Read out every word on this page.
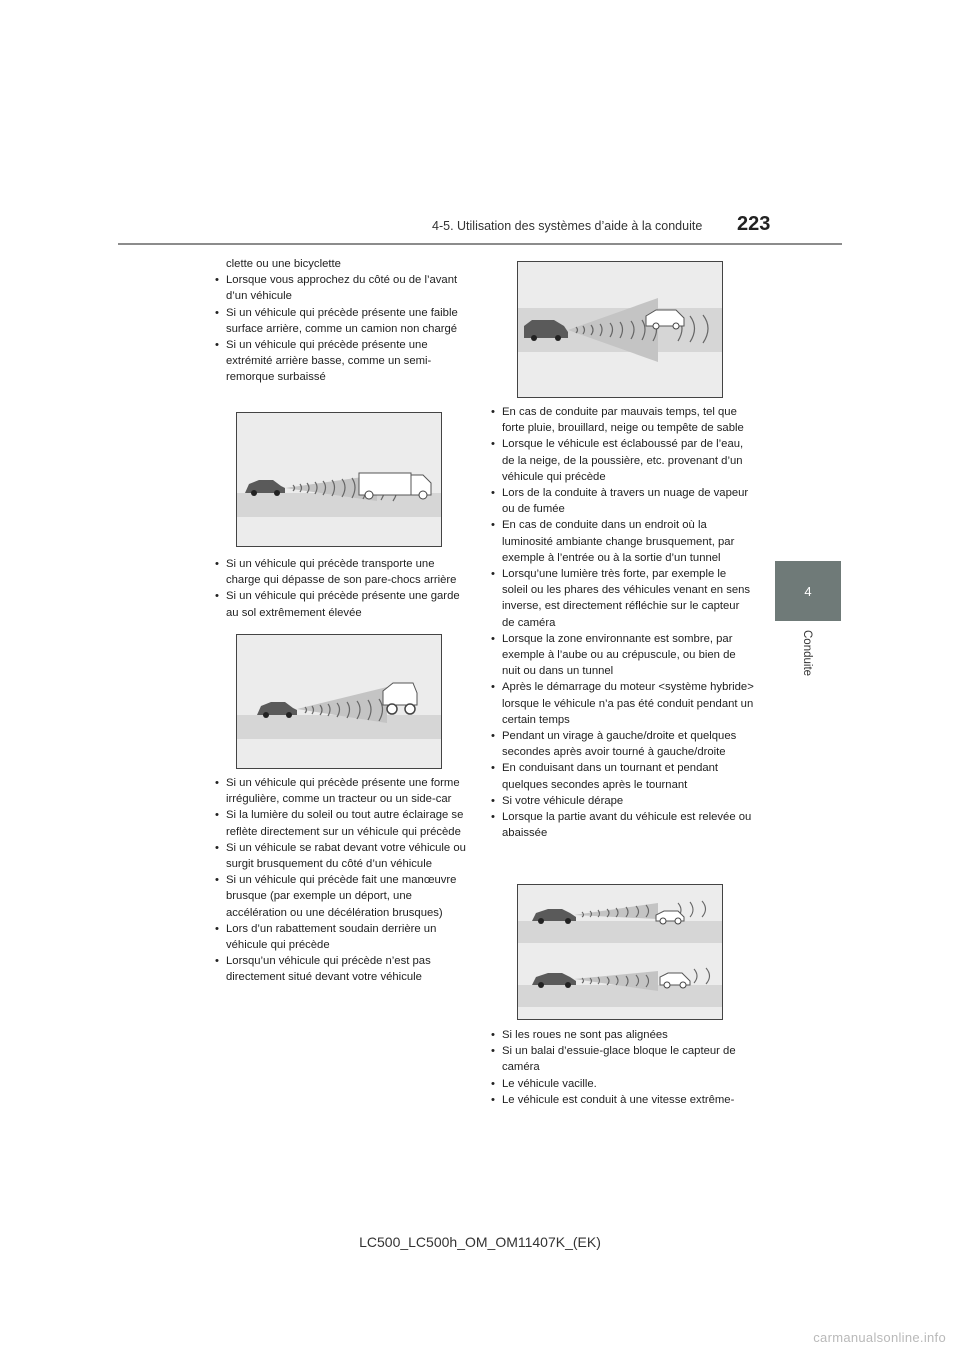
4-5. Utilisation des systèmes d’aide à la conduite 223
4
Conduite
clette ou une bicyclette
• Lorsque vous approchez du côté ou de l’avant d’un véhicule
• Si un véhicule qui précède présente une faible surface arrière, comme un camion non chargé
• Si un véhicule qui précède présente une extrémité arrière basse, comme un semi-remorque surbaissé
• Si un véhicule qui précède transporte une charge qui dépasse de son pare-chocs arrière
• Si un véhicule qui précède présente une garde au sol extrêmement élevée
• Si un véhicule qui précède présente une forme irrégulière, comme un tracteur ou un side-car
• Si la lumière du soleil ou tout autre éclairage se reflète directement sur un véhicule qui précède
• Si un véhicule se rabat devant votre véhicule ou surgit brusquement du côté d’un véhicule
• Si un véhicule qui précède fait une manœuvre brusque (par exemple un déport, une accélération ou une décélération brusques)
• Lors d’un rabattement soudain derrière un véhicule qui précède
• Lorsqu’un véhicule qui précède n’est pas directement situé devant votre véhicule
• En cas de conduite par mauvais temps, tel que forte pluie, brouillard, neige ou tempête de sable
• Lorsque le véhicule est éclaboussé par de l’eau, de la neige, de la poussière, etc. provenant d’un véhicule qui précède
• Lors de la conduite à travers un nuage de vapeur ou de fumée
• En cas de conduite dans un endroit où la luminosité ambiante change brusquement, par exemple à l’entrée ou à la sortie d’un tunnel
• Lorsqu’une lumière très forte, par exemple le soleil ou les phares des véhicules venant en sens inverse, est directement réfléchie sur le capteur de caméra
• Lorsque la zone environnante est sombre, par exemple à l’aube ou au crépuscule, ou bien de nuit ou dans un tunnel
• Après le démarrage du moteur <système hybride> lorsque le véhicule n’a pas été conduit pendant un certain temps
• Pendant un virage à gauche/droite et quelques secondes après avoir tourné à gauche/droite
• En conduisant dans un tournant et pendant quelques secondes après le tournant
• Si votre véhicule dérape
• Lorsque la partie avant du véhicule est relevée ou abaissée
• Si les roues ne sont pas alignées
• Si un balai d’essuie-glace bloque le capteur de caméra
• Le véhicule vacille.
• Le véhicule est conduit à une vitesse extrême-
LC500_LC500h_OM_OM11407K_(EK)
carmanualsonline.info
